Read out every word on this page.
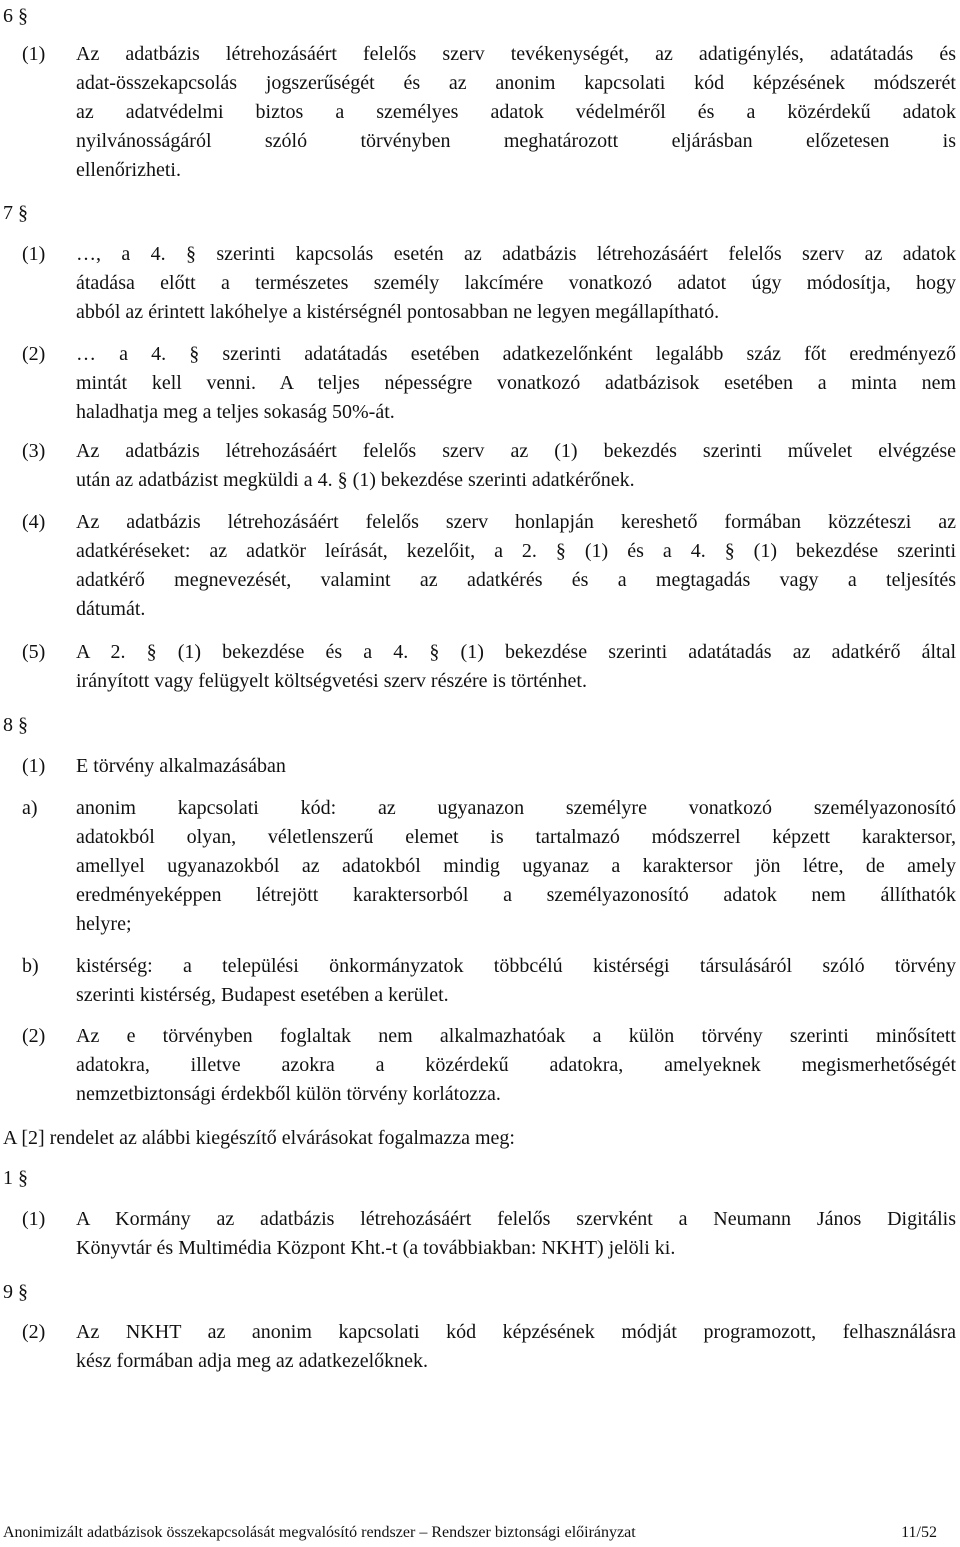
6 §
(1)	Az adatbázis létrehozásáért felelős szerv tevékenységét, az adatigénylés, adatátadás és
adat-összekapcsolás jogszerűségét és az anonim kapcsolati kód képzésének módszerét
az adatvédelmi biztos a személyes adatok védelméről és a közérdekű adatok
nyilvánosságáról szóló törvényben meghatározott eljárásban előzetesen is
ellenőrizheti.
7 §
(1)	…, a 4. § szerinti kapcsolás esetén az adatbázis létrehozásáért felelős szerv az adatok
átadása előtt a természetes személy lakcímére vonatkozó adatot úgy módosítja, hogy
abból az érintett lakóhelye a kistérségnél pontosabban ne legyen megállapítható.
(2)	… a 4. § szerinti adatátadás esetében adatkezelőnként legalább száz főt eredményező
mintát kell venni. A teljes népességre vonatkozó adatbázisok esetében a minta nem
haladhatja meg a teljes sokaság 50%-át.
(3)	Az adatbázis létrehozásáért felelős szerv az (1) bekezdés szerinti művelet elvégzése
után az adatbázist megküldi a 4. § (1) bekezdése szerinti adatkérőnek.
(4)	Az adatbázis létrehozásáért felelős szerv honlapján kereshető formában közzéteszi az
adatkéréseket: az adatkör leírását, kezelőit, a 2. § (1) és a 4. § (1) bekezdése szerinti
adatkérő megnevezését, valamint az adatkérés és a megtagadás vagy a teljesítés
dátumát.
(5)	A 2. § (1) bekezdése és a 4. § (1) bekezdése szerinti adatátadás az adatkérő által
irányított vagy felügyelt költségvetési szerv részére is történhet.
8 §
(1)	E törvény alkalmazásában
a)	anonim kapcsolati kód: az ugyanazon személyre vonatkozó személyazonosító
adatokból olyan, véletlenszerű elemet is tartalmazó módszerrel képzett karaktersor,
amellyel ugyanazokból az adatokból mindig ugyanaz a karaktersor jön létre, de amely
eredményeképpen létrejött karaktersorból a személyazonosító adatok nem állíthatók
helyre;
b)	kistérség: a települési önkormányzatok többcélú kistérségi társulásáról szóló törvény
szerinti kistérség, Budapest esetében a kerület.
(2)	Az e törvényben foglaltak nem alkalmazhatóak a külön törvény szerinti minősített
adatokra, illetve azokra a közérdekű adatokra, amelyeknek megismerhetőségét
nemzetbiztonsági érdekből külön törvény korlátozza.
A [2] rendelet az alábbi kiegészítő elvárásokat fogalmazza meg:
1 §
(1)	A Kormány az adatbázis létrehozásáért felelős szervként a Neumann János Digitális
Könyvtár és Multimédia Központ Kht.-t (a továbbiakban: NKHT) jelöli ki.
9 §
(2)	Az NKHT az anonim kapcsolati kód képzésének módját programozott, felhasználásra
kész formában adja meg az adatkezelőknek.
Anonimizált adatbázisok összekapcsolását megvalósító rendszer – Rendszer biztonsági előirányzat	11/52
